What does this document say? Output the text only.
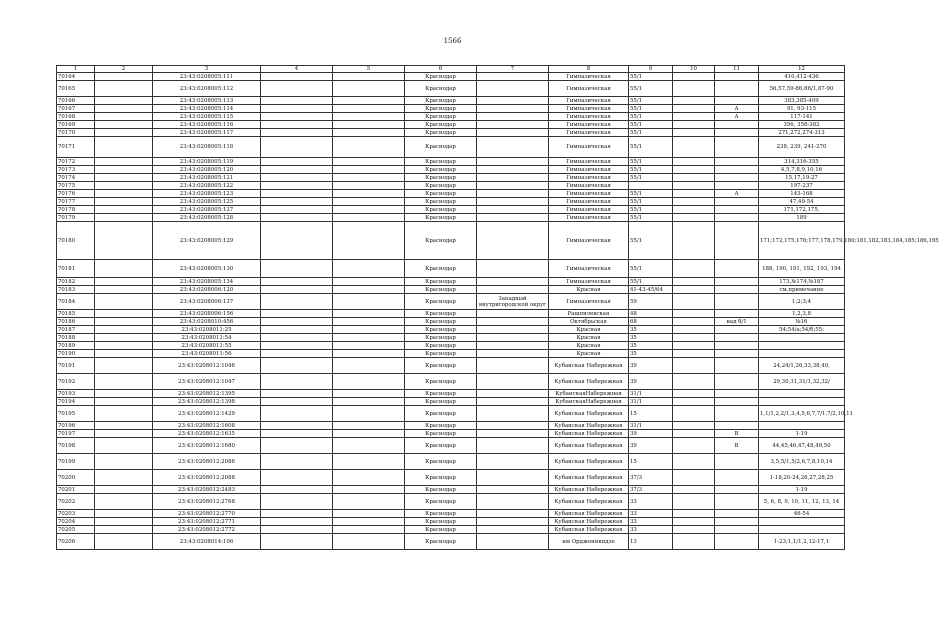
1566
1	2	3	4	5	6	7	8	9	10	11	12
70164		23:43:0208005:111			Краснодар		Гимназическая	55/1			410,412-436
70165		23:43:0208005:112			Краснодар		Гимназическая	55/1			56,57,59-86,86/1,87-90
70166		23:43:0208005:113			Краснодар		Гимназическая	55/1			383,385-409
70167		23:43:0208005:114			Краснодар		Гимназическая	55/1		А	91, 93-115
70168		23:43:0208005:115			Краснодар		Гимназическая	55/1		А	117-141
70169		23:43:0208005:116			Краснодар		Гимназическая	55/1			356, 358-382
70170		23:43:0208005:117			Краснодар		Гимназическая	55/1			271,272,274-313
70171		23:43:0208005:118			Краснодар		Гимназическая	55/1			238, 239, 241-270
70172		23:43:0208005:119			Краснодар		Гимназическая	55/1			314,316-355
70173		23:43:0208005:120			Краснодар		Гимназическая	55/1			4,5,7,8,9,10,16
70174		23:43:0208005:121			Краснодар		Гимназическая	55/1			15,17,19-27
70175		23:43:0208005:122			Краснодар		Гимназическая				197-237
70176		23:43:0208005:123			Краснодар		Гимназическая	55/1		А	143-168
70177		23:43:0208005:125			Краснодар		Гимназическая	55/1			47,49-54
70178		23:43:0208005:127			Краснодар		Гимназическая	55/1			171,172,175,
70179		23:43:0208005:128			Краснодар		Гимназическая	55/1			189
70180		23:43:0208005:129			Краснодар		Гимназическая	55/1			171;172,175,176;177,178,179,180;181,182,183,184,185;186,195
70181		23:43:0208005:130			Краснодар		Гимназическая	55/1			188, 190, 191, 192, 193, 194
70182		23:43:0208005:134			Краснодар		Гимназическая	55/1			173,№174,№187
70183		23:43:0208006:120			Краснодар		Красная	41-43-45/64			см.примечание
70184		23:43:0208006:137			Краснодар	Западный внутригородской округ	Гимназическая	59			1;2;3;4
70185		23:43:0208006:156			Краснодар		Рашпилевская	48			1,2,3,8
70186		23:43:0208010:456			Краснодар		Октябрьская	68		над б/1	№16
70187		23:43:0208011:25			Краснодар		Красная	35			54;54/а;54/б;55;
70188		23:43:0208011:54			Краснодар		Красная	35			
70189		23:43:0208011:55			Краснодар		Красная	35			
70190		23:43:0208011:56			Краснодар		Красная	35			
70191		23:43:0208012:1046			Краснодар		Кубанская Набережная	39			24,24/1,26,33,38,40,
70192		23:43:0208012:1047			Краснодар		Кубанская Набережная	39			29,30,31,31/1,32,32/
70193		23:43:0208012:1395			Краснодар		КубанскаяНабережная	31/1			
70194		23:43:0208012:1398			Краснодар		КубанскаяНабережная	31/1			
70195		23:43:0208012:1429			Краснодар		Кубанская Набережная	15			1,1/1,2,2/1,3,4,5,6,7,7/1,7/2,10,11
70196		23:43:0208012:1608			Краснодар		Кубанская Набережная	31/1			
70197		23:43:0208012:1635			Краснодар		Кубанская Набережная	39		В	1-19
70198		23:43:0208012:1680			Краснодар		Кубанская Набережная	39		В	44,45,46,47,48,49,50
70199		23:43:0208012:2086			Краснодар		Кубанская Набережная	15			3,5,5/1,5/2,6,7,8,10,14
70200		23:43:0208012:2088			Краснодар		Кубанская Набережная	37/3			1-18,20-24,26,27,28,25
70201		23:43:0208012:2483			Краснодар		Кубанская Набережная	37/3			1-19
70202		23:43:0208012:2768			Краснодар		Кубанская Набережная	33			5, 6, 8, 9, 10, 11, 12, 13, 14
70203		23:43:0208012:2770			Краснодар		Кубанская Набережная	33			46-54
70204		23:43:0208012:2771			Краснодар		Кубанская Набережная	33			
70205		23:43:0208012:2772			Краснодар		Кубанская Набережная	33			
70206		23:43:0208014:106			Краснодар		им Орджоникидзе	13			1-23;1,1/1,2,12-17,1
